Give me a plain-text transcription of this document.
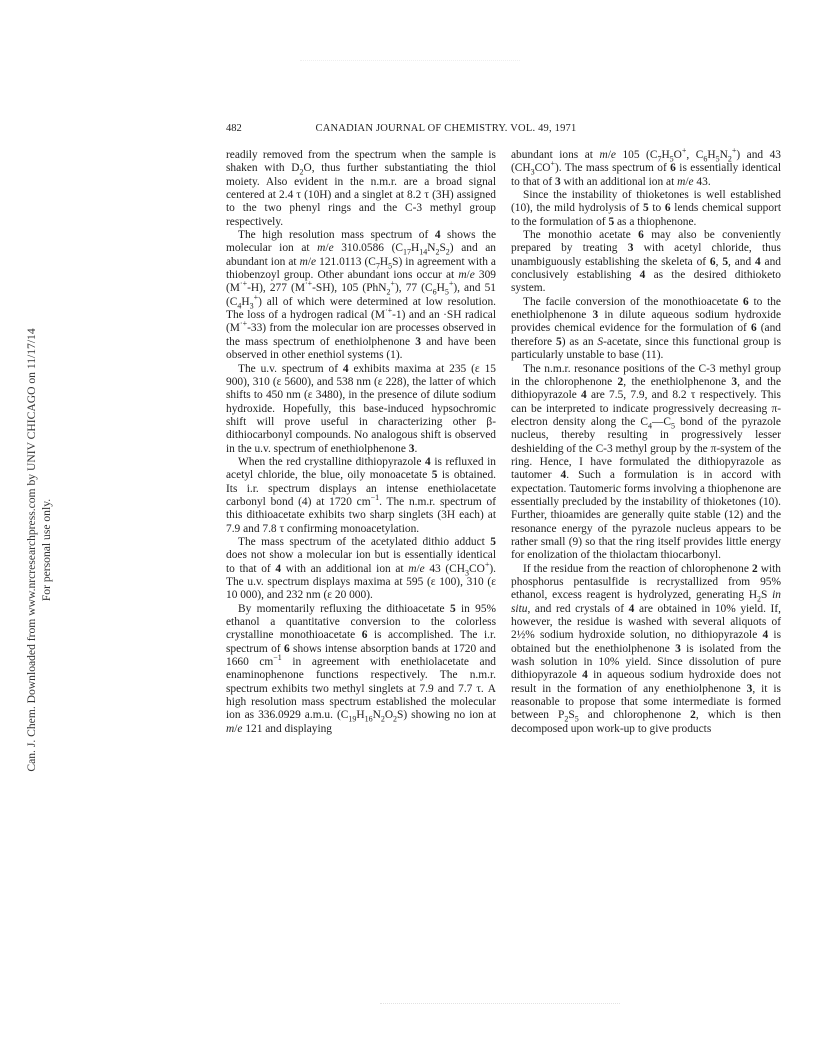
Can. J. Chem. Downloaded from www.nrcresearchpress.com by UNIV CHICAGO on 11/17/14 For personal use only.
482	CANADIAN JOURNAL OF CHEMISTRY. VOL. 49, 1971

readily removed from the spectrum when the sample is shaken with $D_2O$, thus further substantiating the thiol moiety. Also evident in the n.m.r. are a broad signal centered at 2.4 τ (10H) and a singlet at 8.2 τ (3H) assigned to the two phenyl rings and the C-3 methyl group respectively.

The high resolution mass spectrum of 4 shows the molecular ion at m/e 310.0586 $(C_{17}H_{14}N_2S_2)$ and an abundant ion at m/e 121.0113 $(C_7H_5S)$ in agreement with a thiobenzoyl group. Other abundant ions occur at m/e 309 (M·+-H), 277 (M·+-SH), 105 (PhN$_2$+), 77 $(C_6H_5^+)$, and 51 $(C_4H_3^+)$ all of which were determined at low resolution. The loss of a hydrogen radical (M·+-1) and an ·SH radical (M·+-33) from the molecular ion are processes observed in the mass spectrum of enethiolphenone 3 and have been observed in other enethiol systems (1).

The u.v. spectrum of 4 exhibits maxima at 235 (ε 15 900), 310 (ε 5600), and 538 nm (ε 228), the latter of which shifts to 450 nm (ε 3480), in the presence of dilute sodium hydroxide. Hopefully, this base-induced hypsochromic shift will prove useful in characterizing other β-dithiocarbonyl compounds. No analogous shift is observed in the u.v. spectrum of enethiolphenone 3.

When the red crystalline dithiopyrazole 4 is refluxed in acetyl chloride, the blue, oily monoacetate 5 is obtained. Its i.r. spectrum displays an intense enethiolacetate carbonyl bond (4) at 1720 $cm^{-1}$. The n.m.r. spectrum of this dithioacetate exhibits two sharp singlets (3H each) at 7.9 and 7.8 τ confirming monoacetylation.

The mass spectrum of the acetylated dithio adduct 5 does not show a molecular ion but is essentially identical to that of 4 with an additional ion at m/e 43 $(CH_3CO^+)$. The u.v. spectrum displays maxima at 595 (ε 100), 310 (ε 10 000), and 232 nm (ε 20 000).

By momentarily refluxing the dithioacetate 5 in 95% ethanol a quantitative conversion to the colorless crystalline monothioacetate 6 is accomplished. The i.r. spectrum of 6 shows intense absorption bands at 1720 and 1660 $cm^{-1}$ in agreement with enethiolacetate and enaminophenone functions respectively. The n.m.r. spectrum exhibits two methyl singlets at 7.9 and 7.7 τ. A high resolution mass spectrum established the molecular ion as 336.0929 a.m.u. $(C_{19}H_{16}N_2O_2S)$ showing no ion at m/e 121 and displaying

abundant ions at m/e 105 ($C_7H_5O^+$, $C_6H_5N_2^+$) and 43 $(CH_3CO^+)$. The mass spectrum of 6 is essentially identical to that of 3 with an additional ion at m/e 43.

Since the instability of thioketones is well established (10), the mild hydrolysis of 5 to 6 lends chemical support to the formulation of 5 as a thiophenone.

The monothio acetate 6 may also be conveniently prepared by treating 3 with acetyl chloride, thus unambiguously establishing the skeleta of 6, 5, and 4 and conclusively establishing 4 as the desired dithioketo system.

The facile conversion of the monothioacetate 6 to the enethiolphenone 3 in dilute aqueous sodium hydroxide provides chemical evidence for the formulation of 6 (and therefore 5) as an S-acetate, since this functional group is particularly unstable to base (11).

The n.m.r. resonance positions of the C-3 methyl group in the chlorophenone 2, the enethiolphenone 3, and the dithiopyrazole 4 are 7.5, 7.9, and 8.2 τ respectively. This can be interpreted to indicate progressively decreasing π-electron density along the $C_4—C_5$ bond of the pyrazole nucleus, thereby resulting in progressively lesser deshielding of the C-3 methyl group by the π-system of the ring. Hence, I have formulated the dithiopyrazole as tautomer 4. Such a formulation is in accord with expectation. Tautomeric forms involving a thiophenone are essentially precluded by the instability of thioketones (10). Further, thioamides are generally quite stable (12) and the resonance energy of the pyrazole nucleus appears to be rather small (9) so that the ring itself provides little energy for enolization of the thiolactam thiocarbonyl.

If the residue from the reaction of chlorophenone 2 with phosphorus pentasulfide is recrystallized from 95% ethanol, excess reagent is hydrolyzed, generating $H_2S$ in situ, and red crystals of 4 are obtained in 10% yield. If, however, the residue is washed with several aliquots of 2½% sodium hydroxide solution, no dithiopyrazole 4 is obtained but the enethiolphenone 3 is isolated from the wash solution in 10% yield. Since dissolution of pure dithiopyrazole 4 in aqueous sodium hydroxide does not result in the formation of any enethiolphenone 3, it is reasonable to propose that some intermediate is formed between $P_2S_5$ and chlorophenone 2, which is then decomposed upon work-up to give products
